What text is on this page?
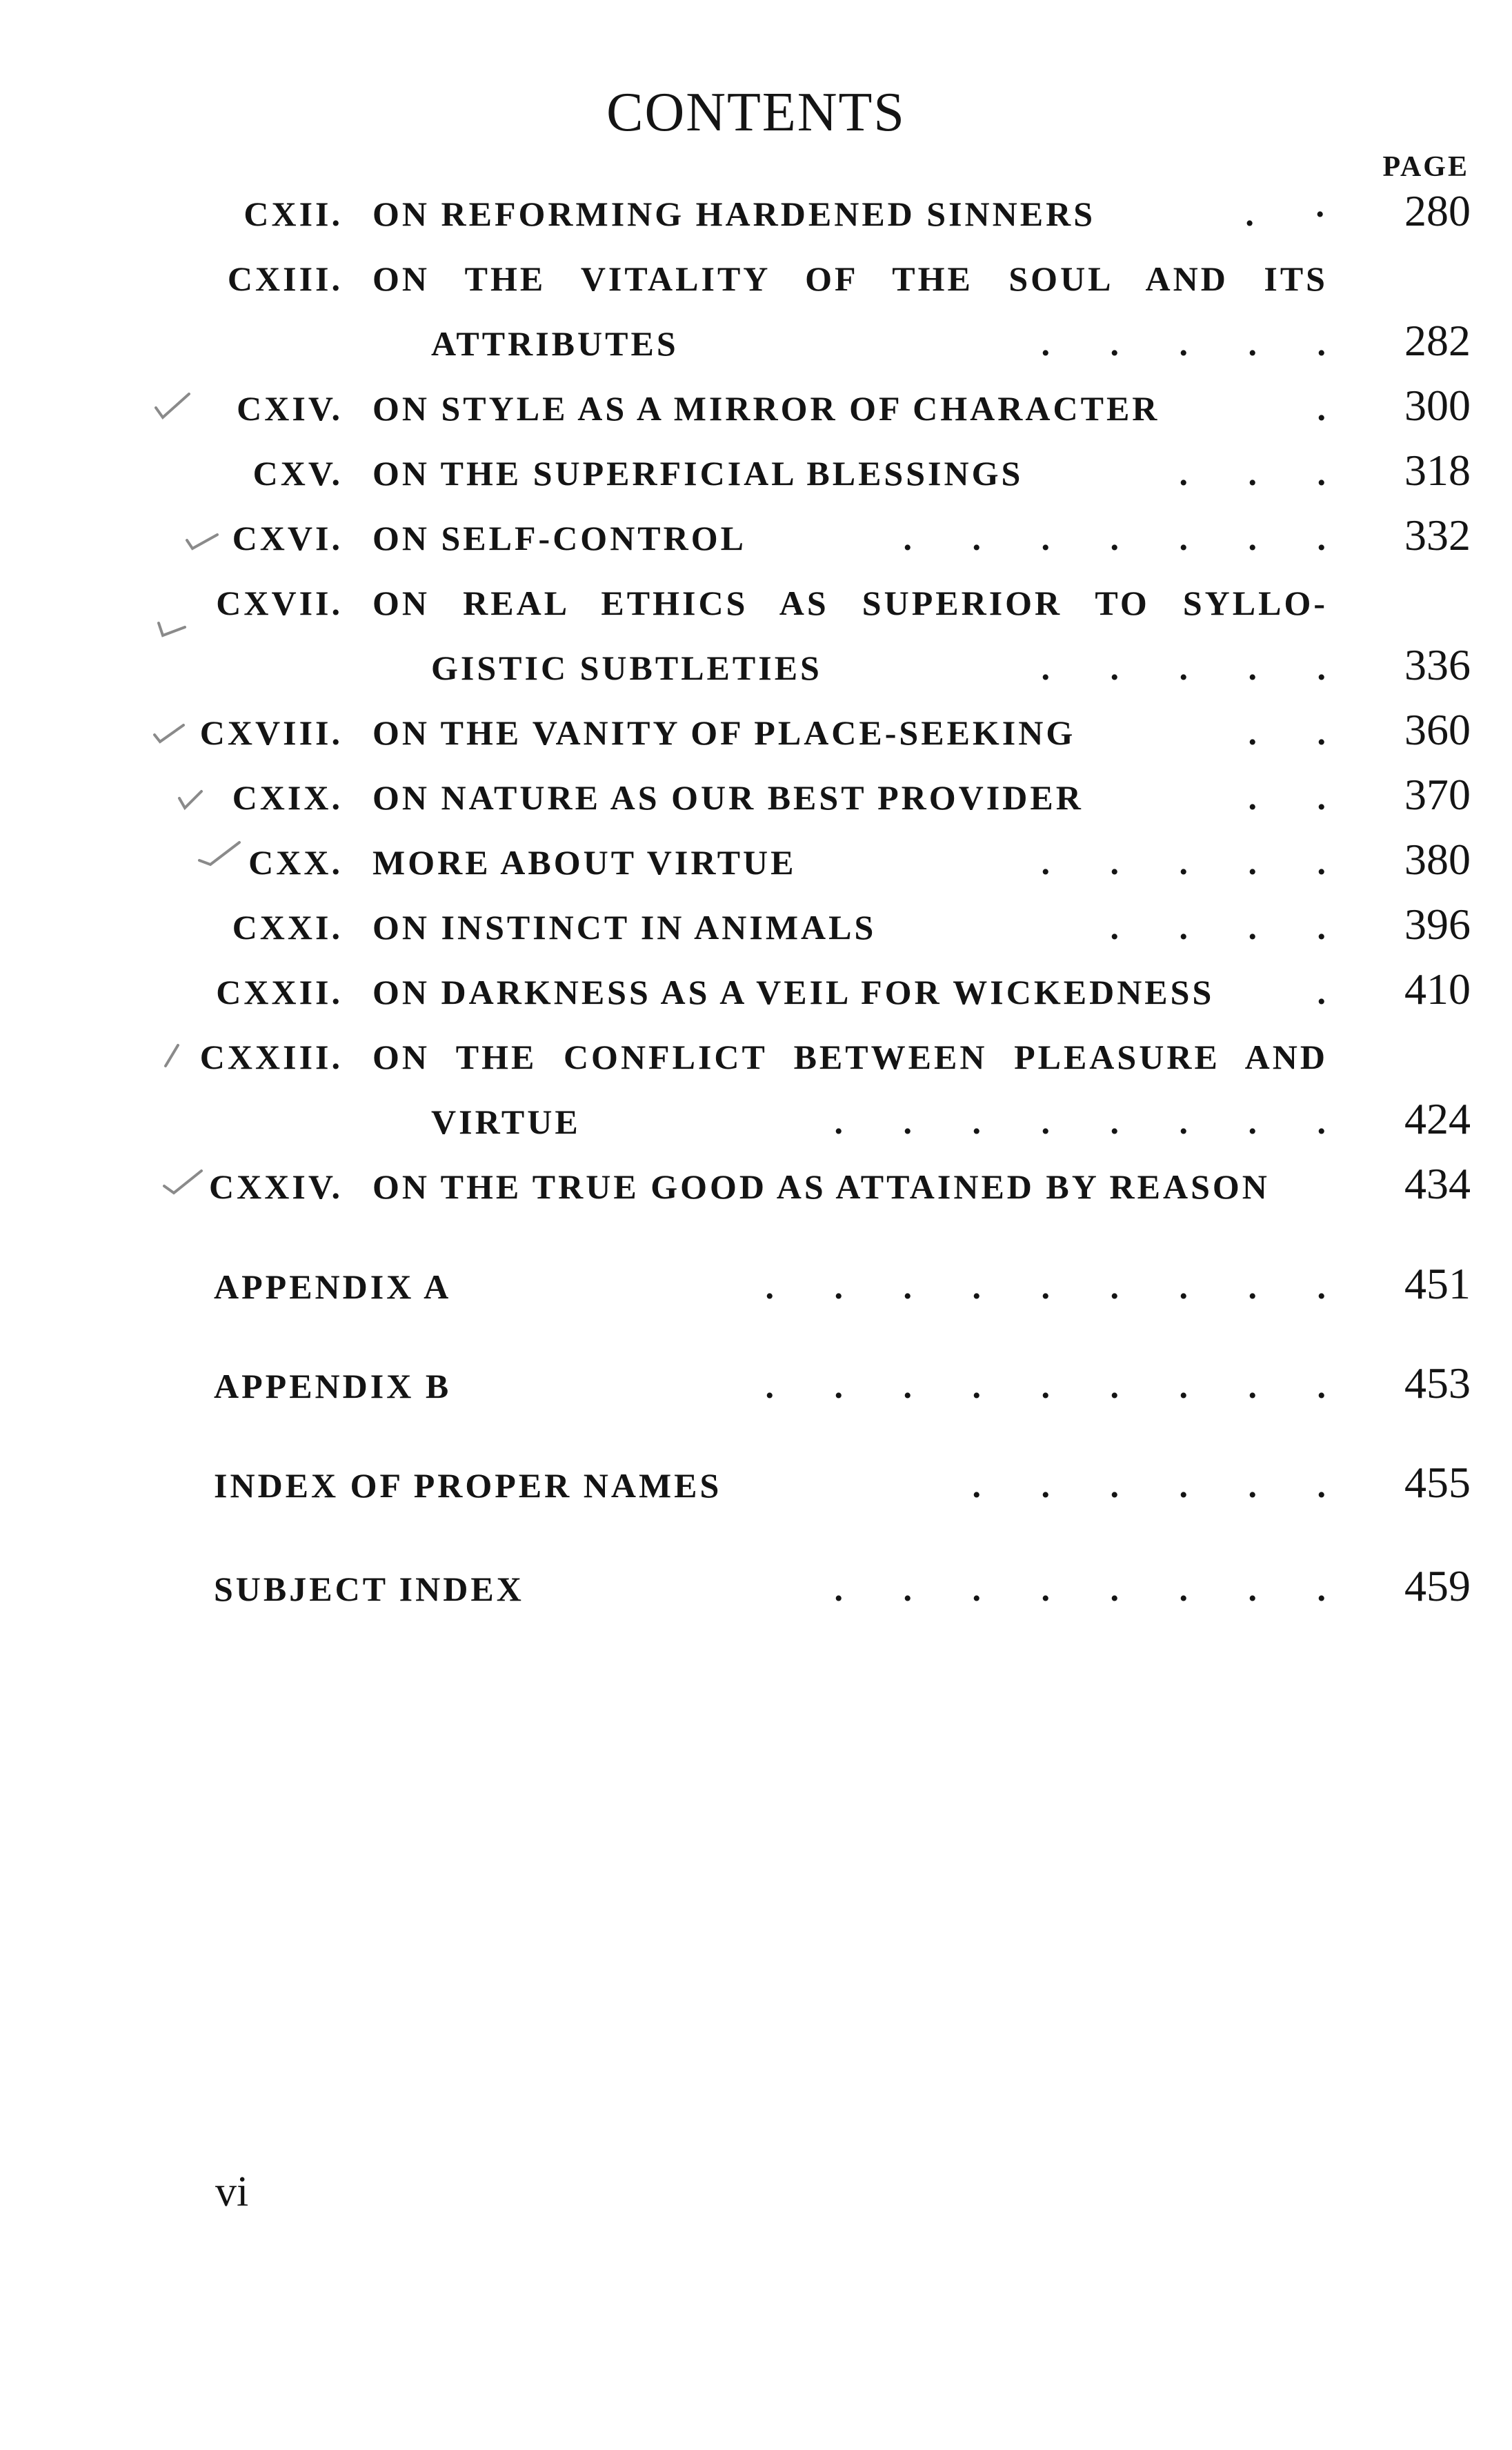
CONTENTS
PAGE
CXII. ON REFORMING HARDENED SINNERS	.       · 280
CXIII. ON THE VITALITY OF THE SOUL AND ITS
ATTRIBUTES	.       .       .       .       . 282
CXIV. ON STYLE AS A MIRROR OF CHARACTER	. 300
CXV. ON THE SUPERFICIAL BLESSINGS	.       .       . 318
CXVI. ON SELF-CONTROL	.       .       .       .       .       .       . 332
CXVII. ON REAL ETHICS AS SUPERIOR TO SYLLO-
GISTIC SUBTLETIES	.       .       .       .       . 336
CXVIII. ON THE VANITY OF PLACE-SEEKING	.       . 360
CXIX. ON NATURE AS OUR BEST PROVIDER	.       . 370
CXX. MORE ABOUT VIRTUE	.       .       .       .       . 380
CXXI. ON INSTINCT IN ANIMALS	.       .       .       . 396
CXXII. ON DARKNESS AS A VEIL FOR WICKEDNESS	. 410
CXXIII. ON THE CONFLICT BETWEEN PLEASURE AND
VIRTUE	.       .       .       .       .       .       .       . 424
CXXIV. ON THE TRUE GOOD AS ATTAINED BY REASON	434
APPENDIX A	.       .       .       .       .       .       .       .       . 451
APPENDIX B	.       .       .       .       .       .       .       .       . 453
INDEX OF PROPER NAMES	.       .       .       .       .       . 455
SUBJECT INDEX	.       .       .       .       .       .       .       . 459
vi
